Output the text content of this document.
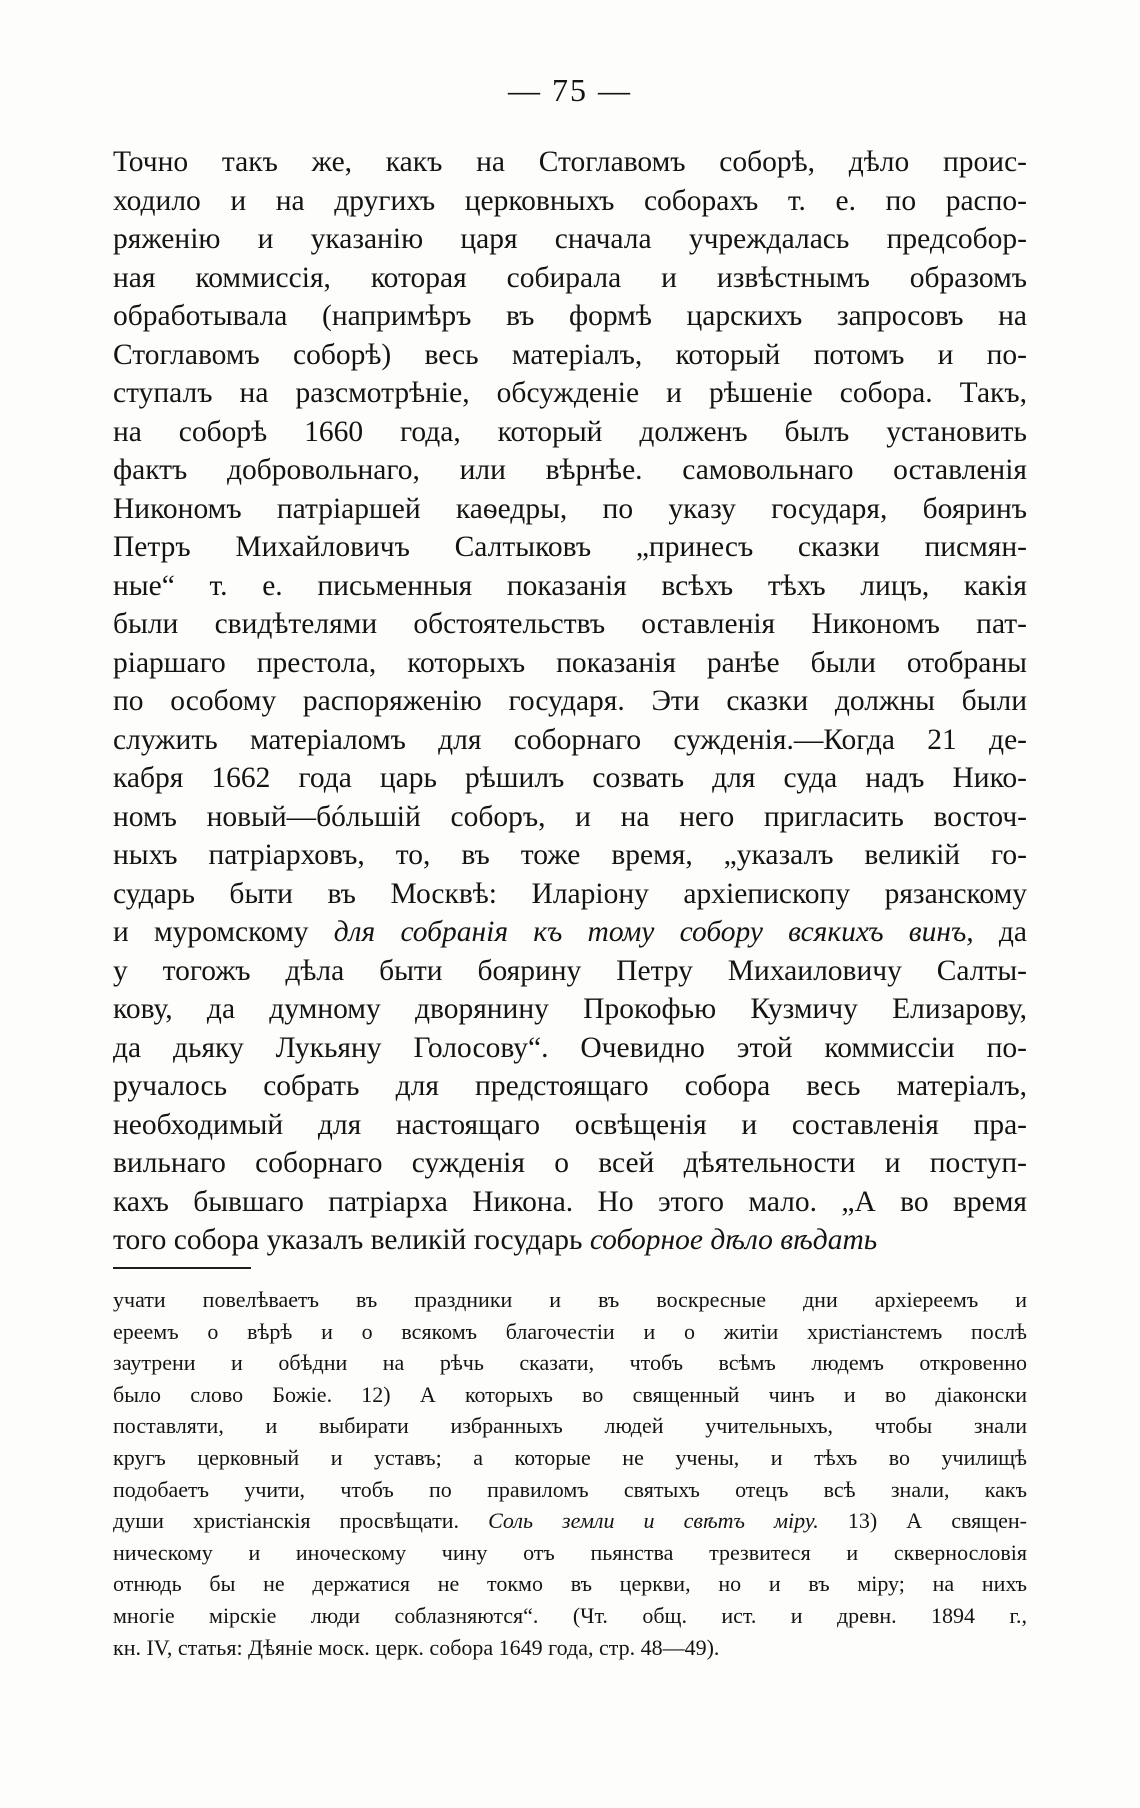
— 75 —
Точно такъ же, какъ на Стоглавомъ соборѣ, дѣло проис-
ходило и на другихъ церковныхъ соборахъ т. е. по распо-
ряженію и указанію царя сначала учреждалась предсобор-
ная коммиссія, которая собирала и извѣстнымъ образомъ
обработывала (напримѣръ въ формѣ царскихъ запросовъ на
Стоглавомъ соборѣ) весь матеріалъ, который потомъ и по-
ступалъ на разсмотрѣніе, обсужденіе и рѣшеніе собора. Такъ,
на соборѣ 1660 года, который долженъ былъ установить
фактъ добровольнаго, или вѣрнѣе. самовольнаго оставленія
Никономъ патріаршей каѳедры, по указу государя, бояринъ
Петръ Михайловичъ Салтыковъ „принесъ сказки писмян-
ные“ т. е. письменныя показанія всѣхъ тѣхъ лицъ, какія
были свидѣтелями обстоятельствъ оставленія Никономъ пат-
ріаршаго престола, которыхъ показанія ранѣе были отобраны
по особому распоряженію государя. Эти сказки должны были
служить матеріаломъ для соборнаго сужденія.—Когда 21 де-
кабря 1662 года царь рѣшилъ созвать для суда надъ Нико-
номъ новый—бóльшій соборъ, и на него пригласить восточ-
ныхъ патріарховъ, то, въ тоже время, „указалъ великій го-
сударь быти въ Москвѣ: Иларіону архіепископу рязанскому
и муромскому для собранія къ тому собору всякихъ винъ, да
у тогожъ дѣла быти боярину Петру Михаиловичу Салты-
кову, да думному дворянину Прокофью Кузмичу Елизарову,
да дьяку Лукьяну Голосову“. Очевидно этой коммиссіи по-
ручалось собрать для предстоящаго собора весь матеріалъ,
необходимый для настоящаго освѣщенія и составленія пра-
вильнаго соборнаго сужденія о всей дѣятельности и поступ-
кахъ бывшаго патріарха Никона. Но этого мало. „А во время
того собора указалъ великій государь соборное дѣло вѣдать
учати повелѣваетъ въ праздники и въ воскресные дни архіереемъ и
ереемъ о вѣрѣ и о всякомъ благочестіи и о житіи христіанстемъ послѣ
заутрени и обѣдни на рѣчь сказати, чтобъ всѣмъ людемъ откровенно
было слово Божіе. 12) А которыхъ во священный чинъ и во діаконски
поставляти, и выбирати избранныхъ людей учительныхъ, чтобы знали
кругъ церковный и уставъ; а которые не учены, и тѣхъ во училищѣ
подобаетъ учити, чтобъ по правиломъ святыхъ отецъ всѣ знали, какъ
души христіанскія просвѣщати. Соль земли и свѣтъ міру. 13) А священ-
ническому и иноческому чину отъ пьянства трезвитеся и сквернословія
отнюдь бы не держатися не токмо въ церкви, но и въ міру; на нихъ
многіе мірскіе люди соблазняются“. (Чт. общ. ист. и древн. 1894 г.,
кн. IV, статья: Дѣяніе моск. церк. собора 1649 года, стр. 48—49).
